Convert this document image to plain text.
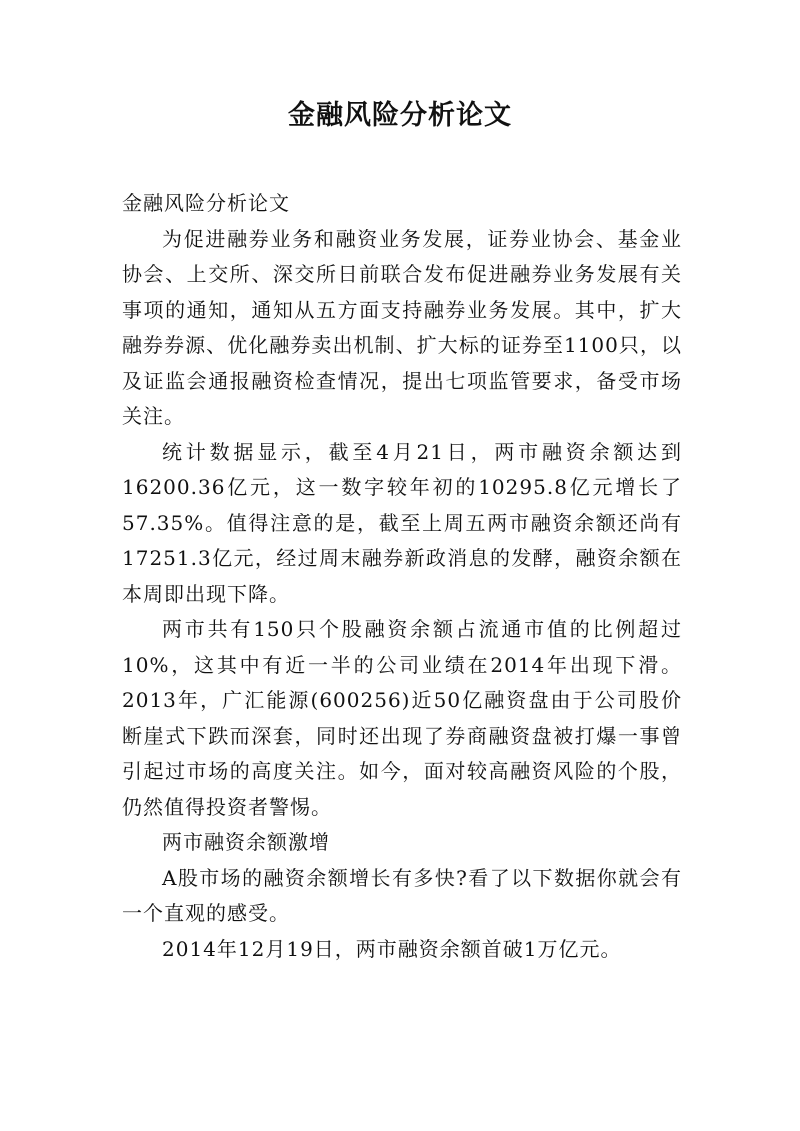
金融风险分析论文

金融风险分析论文

为促进融券业务和融资业务发展，证券业协会、基金业协会、上交所、深交所日前联合发布促进融券业务发展有关事项的通知，通知从五方面支持融券业务发展。其中，扩大融券券源、优化融券卖出机制、扩大标的证券至1100只，以及证监会通报融资检查情况，提出七项监管要求，备受市场关注。

统计数据显示，截至4月21日，两市融资余额达到16200.36亿元，这一数字较年初的10295.8亿元增长了57.35%。值得注意的是，截至上周五两市融资余额还尚有17251.3亿元，经过周末融券新政消息的发酵，融资余额在本周即出现下降。

两市共有150只个股融资余额占流通市值的比例超过10%，这其中有近一半的公司业绩在2014年出现下滑。2013年，广汇能源(600256)近50亿融资盘由于公司股价断崖式下跌而深套，同时还出现了券商融资盘被打爆一事曾引起过市场的高度关注。如今，面对较高融资风险的个股，仍然值得投资者警惕。

两市融资余额激增

A股市场的融资余额增长有多快?看了以下数据你就会有一个直观的感受。

2014年12月19日，两市融资余额首破1万亿元。
